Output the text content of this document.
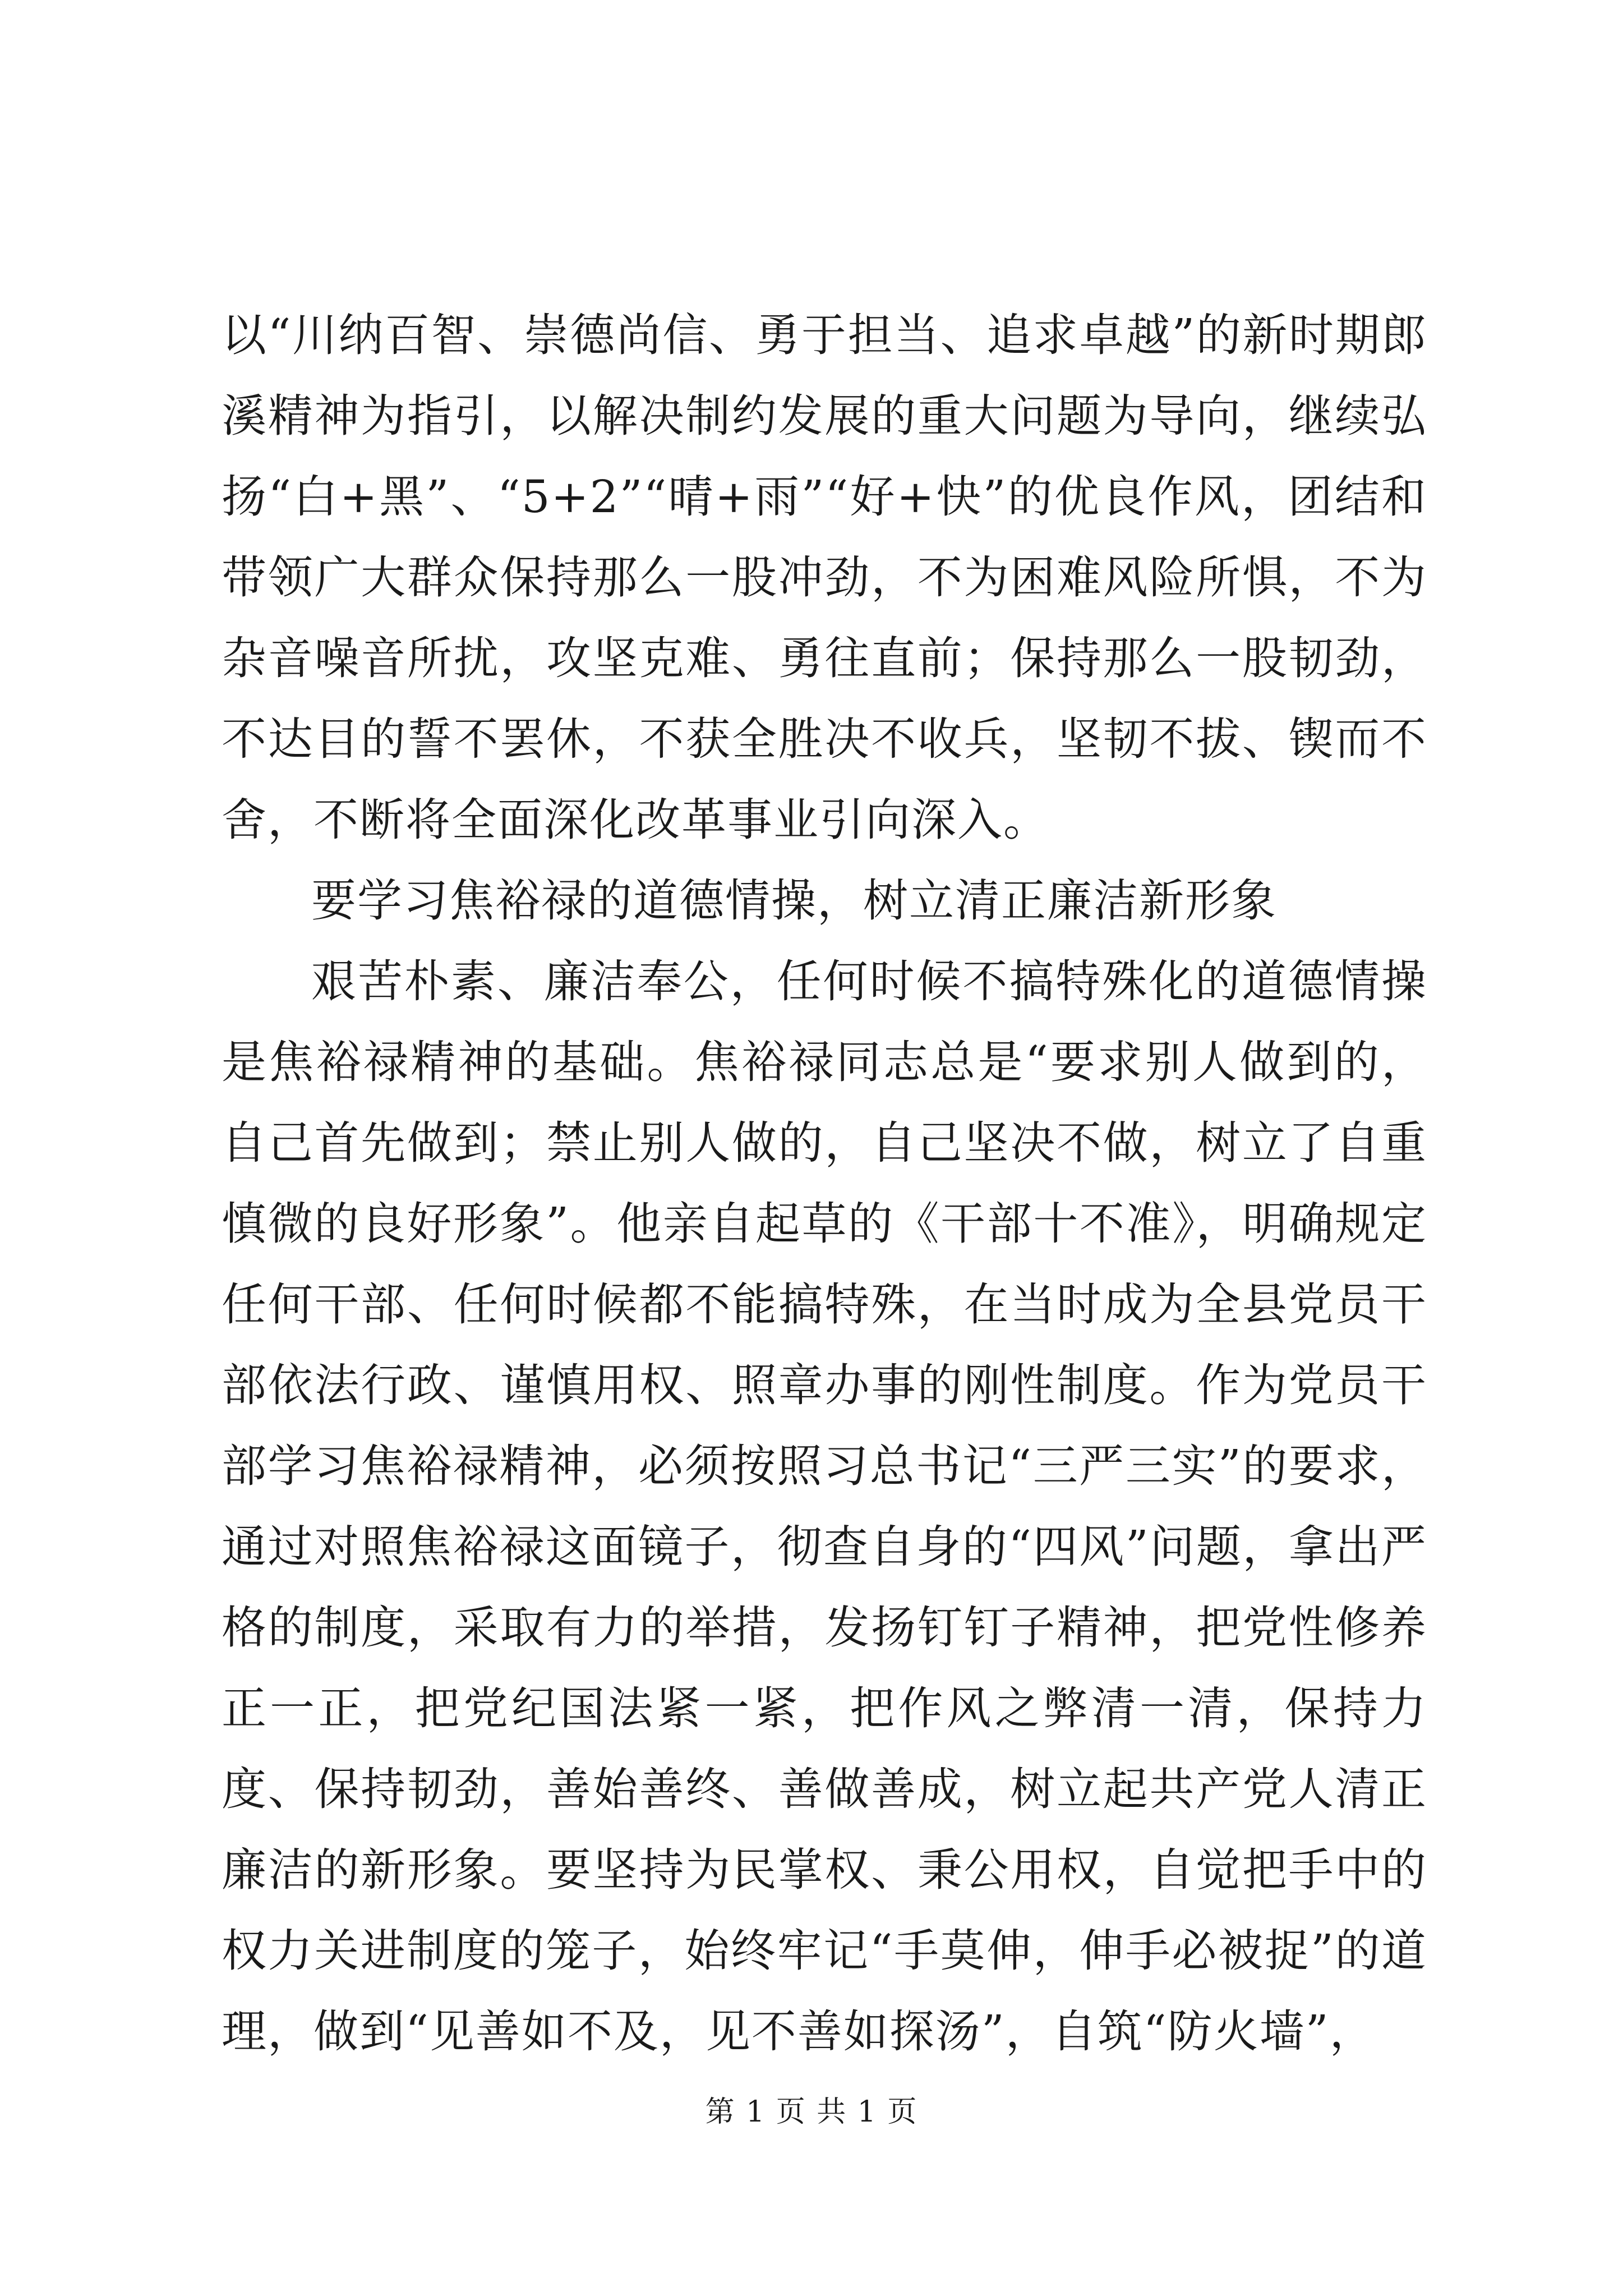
以“川纳百智、崇德尚信、勇于担当、追求卓越”的新时期郎溪精神为指引，以解决制约发展的重大问题为导向，继续弘扬“白+黑”、“5+2”“晴+雨”“好+快”的优良作风，团结和带领广大群众保持那么一股冲劲，不为困难风险所惧，不为杂音噪音所扰，攻坚克难、勇往直前；保持那么一股韧劲，不达目的誓不罢休，不获全胜决不收兵，坚韧不拔、锲而不舍，不断将全面深化改革事业引向深入。

要学习焦裕禄的道德情操，树立清正廉洁新形象

艰苦朴素、廉洁奉公，任何时候不搞特殊化的道德情操是焦裕禄精神的基础。焦裕禄同志总是“要求别人做到的，自己首先做到；禁止别人做的，自己坚决不做，树立了自重慎微的良好形象”。他亲自起草的《干部十不准》，明确规定任何干部、任何时候都不能搞特殊，在当时成为全县党员干部依法行政、谨慎用权、照章办事的刚性制度。作为党员干部学习焦裕禄精神，必须按照习总书记“三严三实”的要求，通过对照焦裕禄这面镜子，彻查自身的“四风”问题，拿出严格的制度，采取有力的举措，发扬钉钉子精神，把党性修养正一正，把党纪国法紧一紧，把作风之弊清一清，保持力度、保持韧劲，善始善终、善做善成，树立起共产党人清正廉洁的新形象。要坚持为民掌权、秉公用权，自觉把手中的权力关进制度的笼子，始终牢记“手莫伸，伸手必被捉”的道理，做到“见善如不及，见不善如探汤”，自筑“防火墙”，

第 1 页 共 1 页
